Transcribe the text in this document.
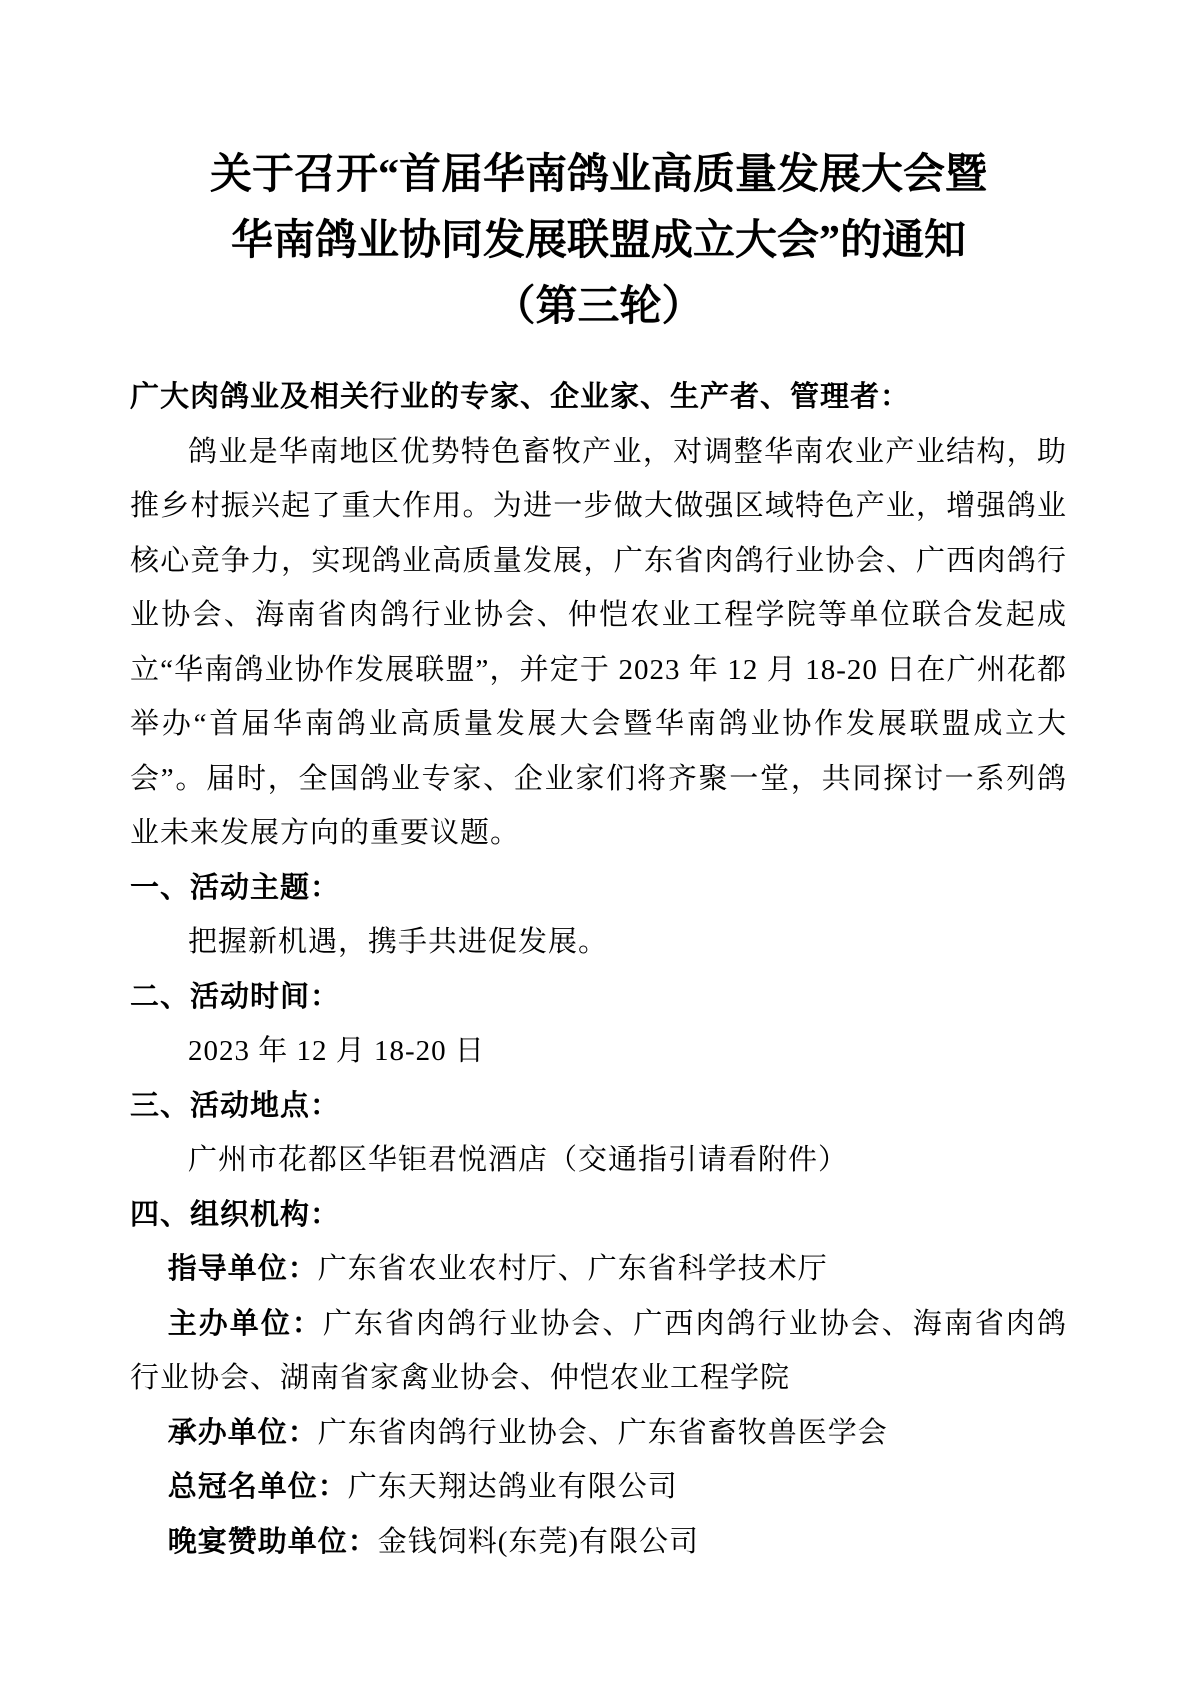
关于召开“首届华南鸽业高质量发展大会暨
华南鸽业协同发展联盟成立大会”的通知
（第三轮）

广大肉鸽业及相关行业的专家、企业家、生产者、管理者：

鸽业是华南地区优势特色畜牧产业，对调整华南农业产业结构，助推乡村振兴起了重大作用。为进一步做大做强区域特色产业，增强鸽业核心竞争力，实现鸽业高质量发展，广东省肉鸽行业协会、广西肉鸽行业协会、海南省肉鸽行业协会、仲恺农业工程学院等单位联合发起成立“华南鸽业协作发展联盟”，并定于 2023 年 12 月 18-20 日在广州花都举办“首届华南鸽业高质量发展大会暨华南鸽业协作发展联盟成立大会”。届时，全国鸽业专家、企业家们将齐聚一堂，共同探讨一系列鸽业未来发展方向的重要议题。

一、活动主题：

把握新机遇，携手共进促发展。

二、活动时间：

2023 年 12 月 18-20 日

三、活动地点：

广州市花都区华钜君悦酒店（交通指引请看附件）

四、组织机构：

指导单位：广东省农业农村厅、广东省科学技术厅

主办单位：广东省肉鸽行业协会、广西肉鸽行业协会、海南省肉鸽行业协会、湖南省家禽业协会、仲恺农业工程学院

承办单位：广东省肉鸽行业协会、广东省畜牧兽医学会

总冠名单位：广东天翔达鸽业有限公司

晚宴赞助单位：金钱饲料(东莞)有限公司
